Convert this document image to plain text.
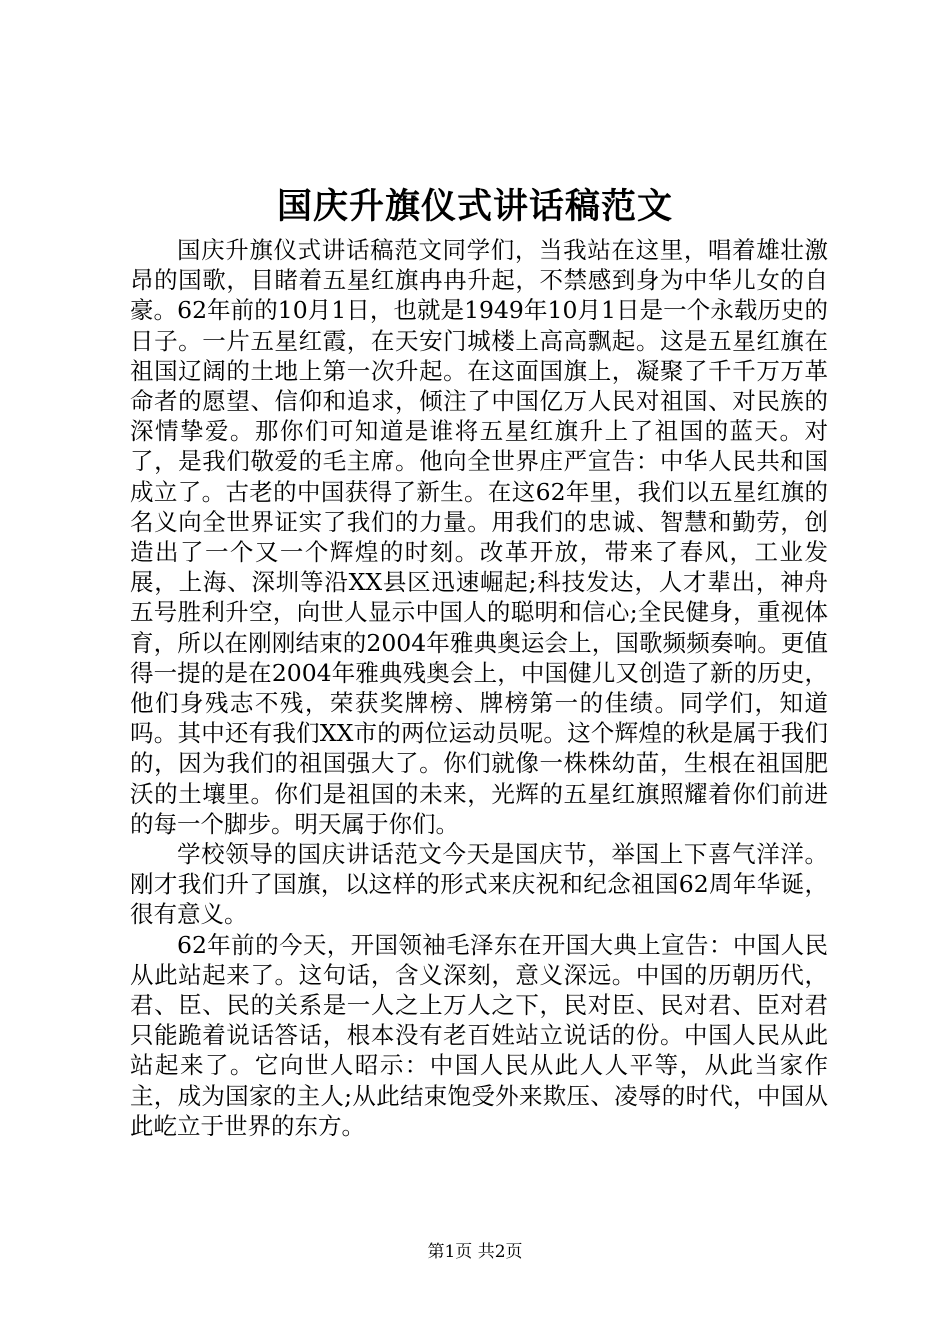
国庆升旗仪式讲话稿范文

国庆升旗仪式讲话稿范文同学们，当我站在这里，唱着雄壮激昂的国歌，目睹着五星红旗冉冉升起，不禁感到身为中华儿女的自豪。62年前的10月1日，也就是1949年10月1日是一个永载历史的日子。一片五星红霞，在天安门城楼上高高飘起。这是五星红旗在祖国辽阔的土地上第一次升起。在这面国旗上，凝聚了千千万万革命者的愿望、信仰和追求，倾注了中国亿万人民对祖国、对民族的深情挚爱。那你们可知道是谁将五星红旗升上了祖国的蓝天。对了，是我们敬爱的毛主席。他向全世界庄严宣告：中华人民共和国成立了。古老的中国获得了新生。在这62年里，我们以五星红旗的名义向全世界证实了我们的力量。用我们的忠诚、智慧和勤劳，创造出了一个又一个辉煌的时刻。改革开放，带来了春风，工业发展，上海、深圳等沿XX县区迅速崛起;科技发达，人才辈出，神舟五号胜利升空，向世人显示中国人的聪明和信心;全民健身，重视体育，所以在刚刚结束的2004年雅典奥运会上，国歌频频奏响。更值得一提的是在2004年雅典残奥会上，中国健儿又创造了新的历史，他们身残志不残，荣获奖牌榜、牌榜第一的佳绩。同学们，知道吗。其中还有我们XX市的两位运动员呢。这个辉煌的秋是属于我们的，因为我们的祖国强大了。你们就像一株株幼苗，生根在祖国肥沃的土壤里。你们是祖国的未来，光辉的五星红旗照耀着你们前进的每一个脚步。明天属于你们。

学校领导的国庆讲话范文今天是国庆节，举国上下喜气洋洋。刚才我们升了国旗，以这样的形式来庆祝和纪念祖国62周年华诞，很有意义。

62年前的今天，开国领袖毛泽东在开国大典上宣告：中国人民从此站起来了。这句话，含义深刻，意义深远。中国的历朝历代，君、臣、民的关系是一人之上万人之下，民对臣、民对君、臣对君只能跪着说话答话，根本没有老百姓站立说话的份。中国人民从此站起来了。它向世人昭示：中国人民从此人人平等，从此当家作主，成为国家的主人;从此结束饱受外来欺压、凌辱的时代，中国从此屹立于世界的东方。

第1页 共2页
